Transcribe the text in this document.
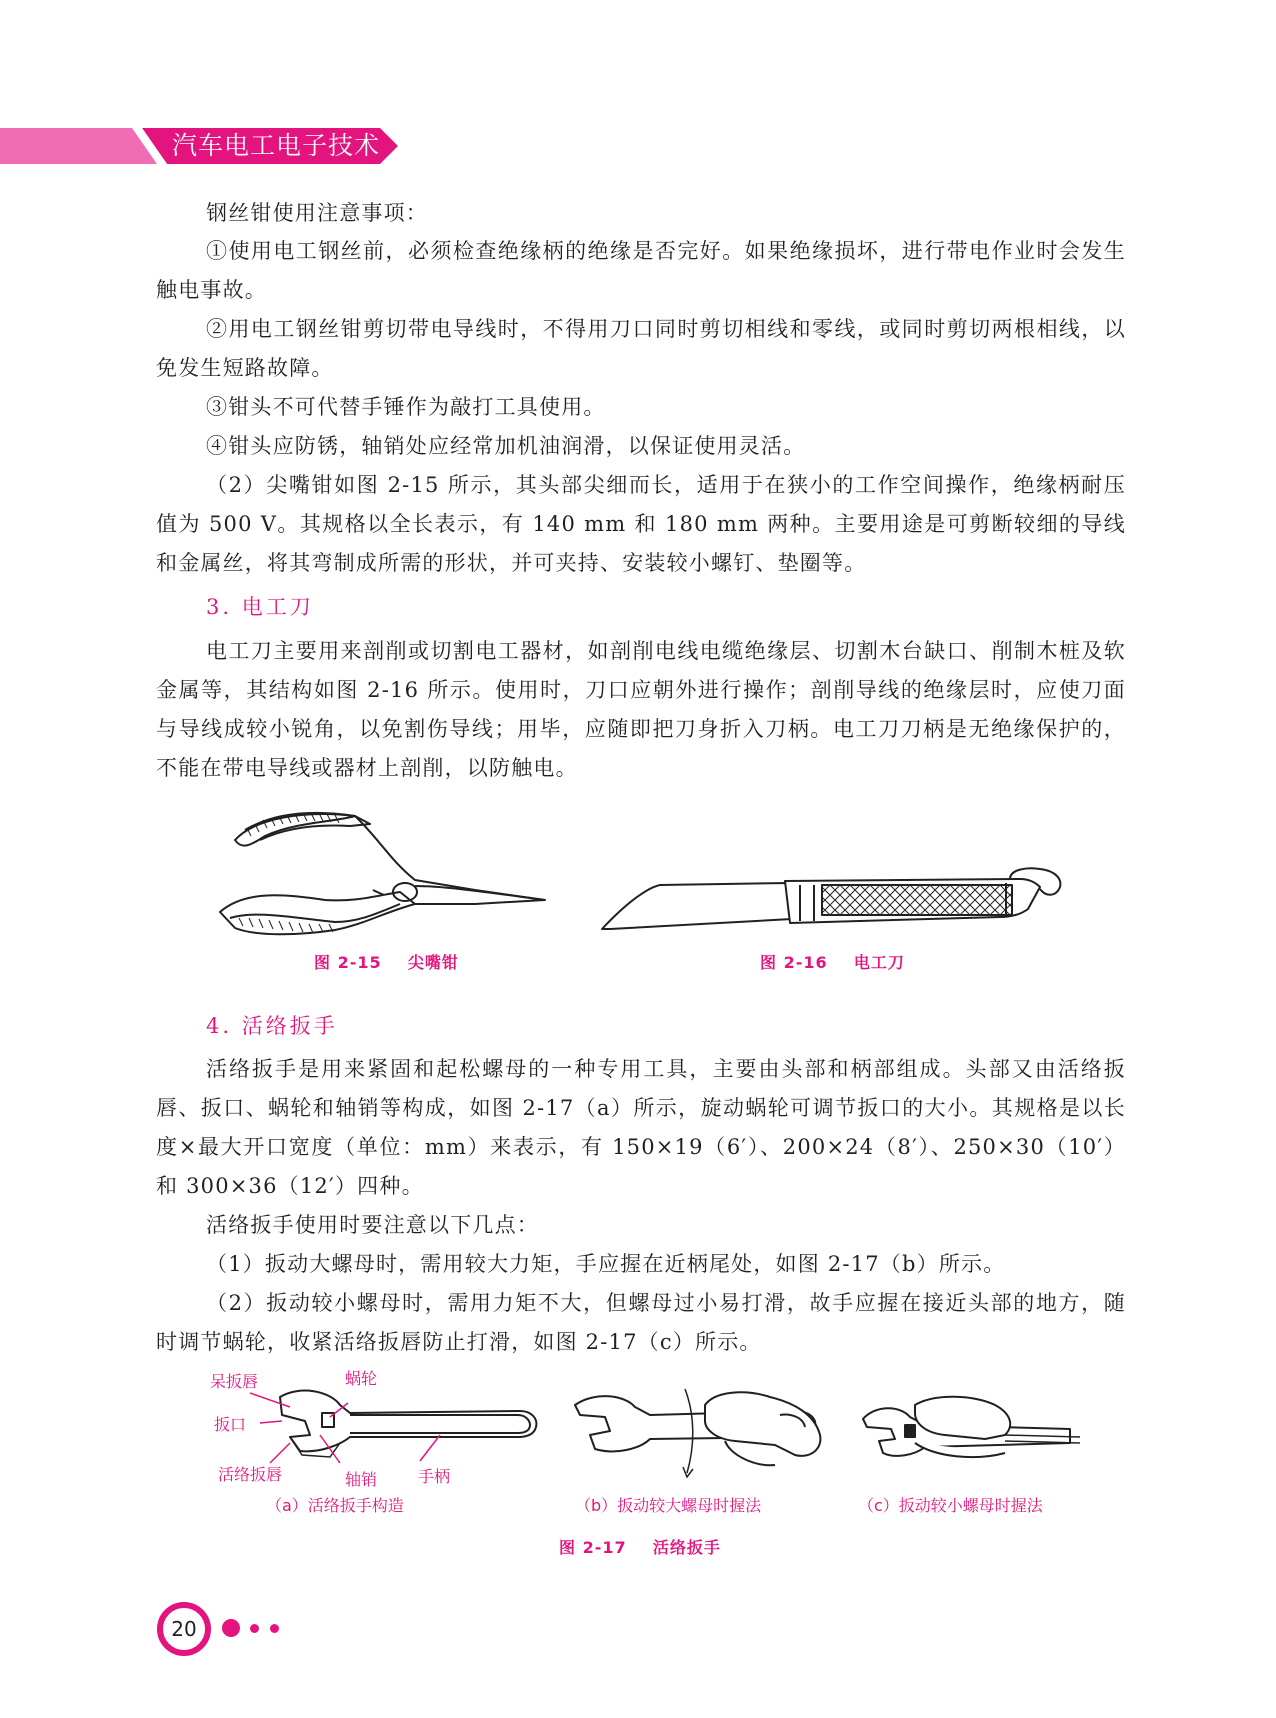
汽车电工电子技术

钢丝钳使用注意事项：

①使用电工钢丝前，必须检查绝缘柄的绝缘是否完好。如果绝缘损坏，进行带电作业时会发生触电事故。

②用电工钢丝钳剪切带电导线时，不得用刀口同时剪切相线和零线，或同时剪切两根相线，以免发生短路故障。

③钳头不可代替手锤作为敲打工具使用。

④钳头应防锈，轴销处应经常加机油润滑，以保证使用灵活。

（2）尖嘴钳如图 2-15 所示，其头部尖细而长，适用于在狭小的工作空间操作，绝缘柄耐压值为 500 V。其规格以全长表示，有 140 mm 和 180 mm 两种。主要用途是可剪断较细的导线和金属丝，将其弯制成所需的形状，并可夹持、安装较小螺钉、垫圈等。

3. 电工刀

电工刀主要用来剖削或切割电工器材，如剖削电线电缆绝缘层、切割木台缺口、削制木桩及软金属等，其结构如图 2-16 所示。使用时，刀口应朝外进行操作；剖削导线的绝缘层时，应使刀面与导线成较小锐角，以免割伤导线；用毕，应随即把刀身折入刀柄。电工刀刀柄是无绝缘保护的，不能在带电导线或器材上剖削，以防触电。

图 2-15 尖嘴钳	图 2-16 电工刀
4. 活络扳手

活络扳手是用来紧固和起松螺母的一种专用工具，主要由头部和柄部组成。头部又由活络扳唇、扳口、蜗轮和轴销等构成，如图 2-17（a）所示，旋动蜗轮可调节扳口的大小。其规格是以长度×最大开口宽度（单位：mm）来表示，有 150×19（6′）、200×24（8′）、250×30（10′）和 300×36（12′）四种。

活络扳手使用时要注意以下几点：

（1）扳动大螺母时，需用较大力矩，手应握在近柄尾处，如图 2-17（b）所示。

（2）扳动较小螺母时，需用力矩不大，但螺母过小易打滑，故手应握在接近头部的地方，随时调节蜗轮，收紧活络扳唇防止打滑，如图 2-17（c）所示。

呆扳唇	蜗轮
扳口
活络扳唇	轴销	手柄
（a）活络扳手构造	（b）扳动较大螺母时握法	（c）扳动较小螺母时握法
图 2-17 活络扳手
20
